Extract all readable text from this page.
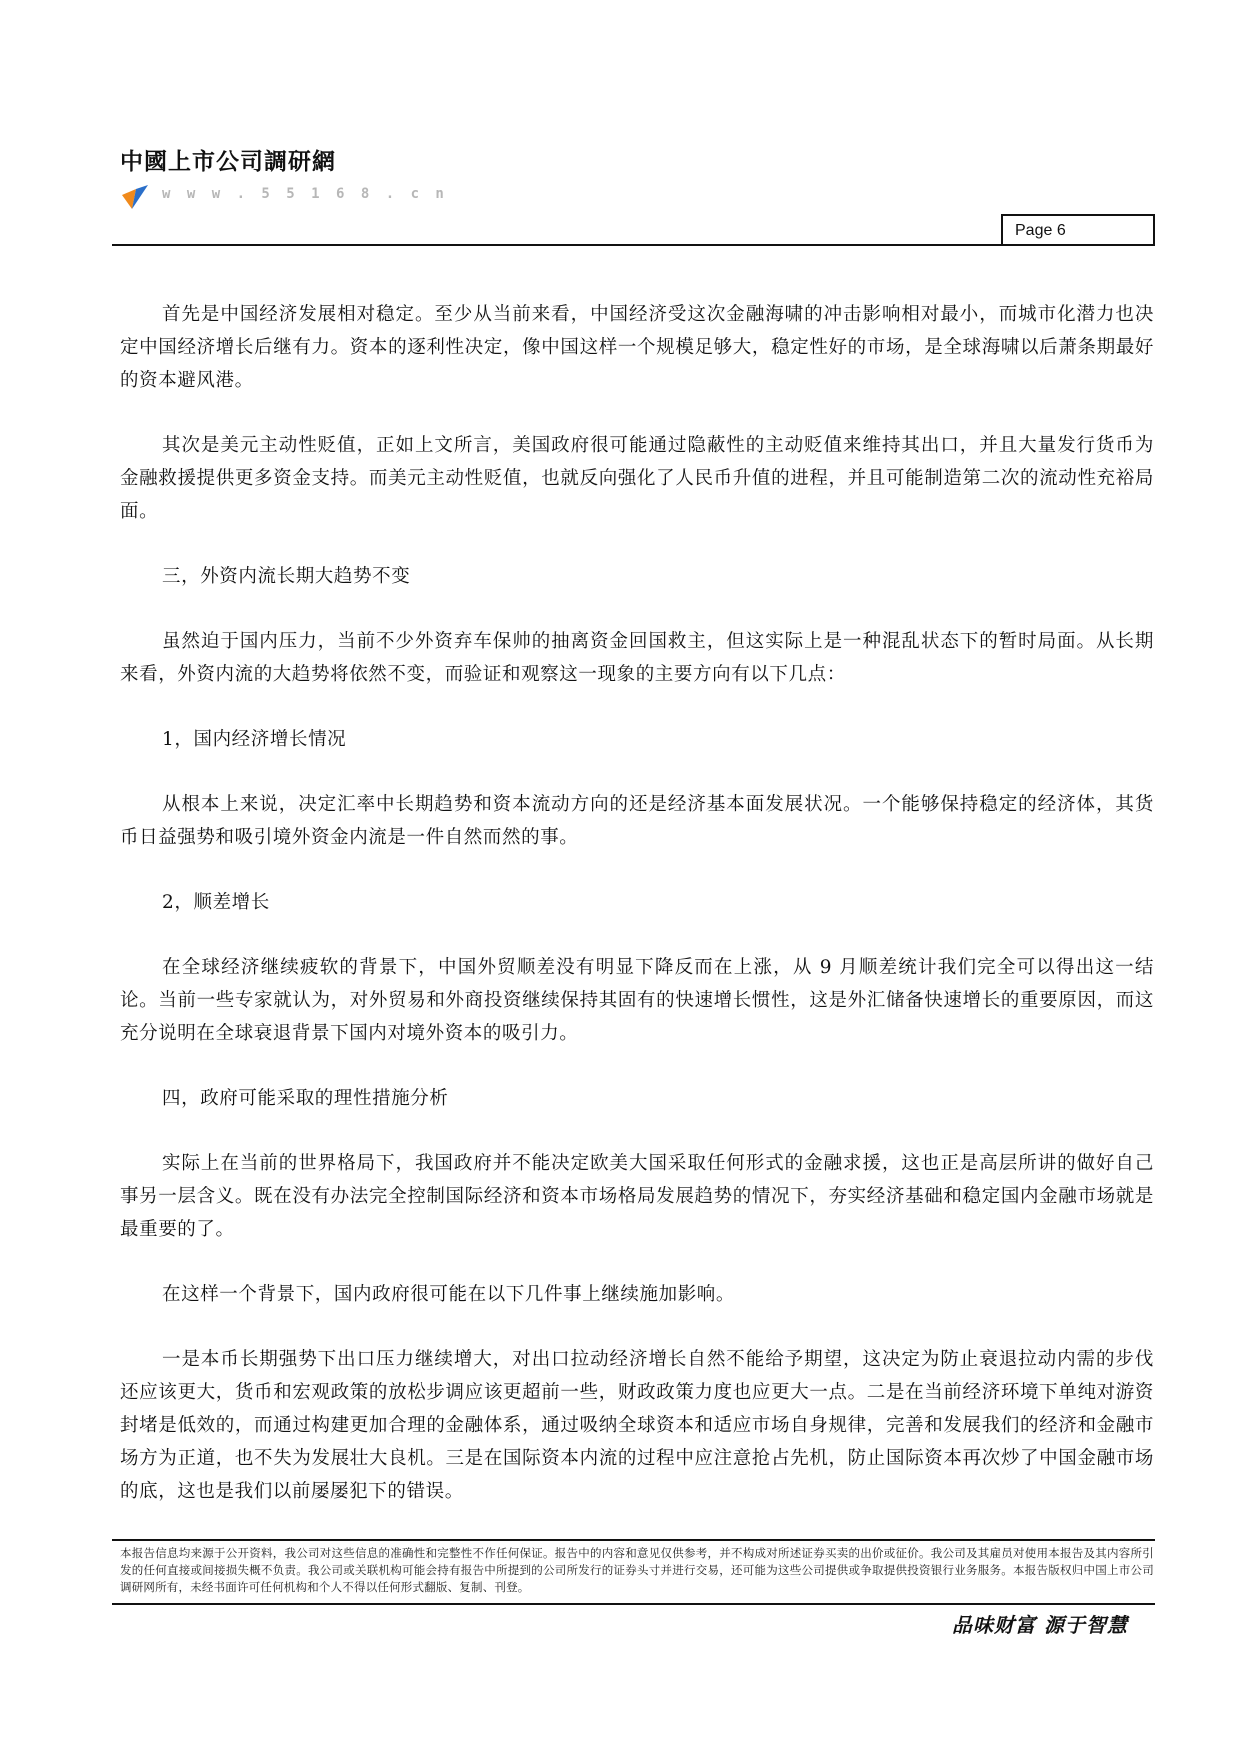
中國上市公司調研網
w w w . 5 5 1 6 8 . c n
Page 6

首先是中国经济发展相对稳定。至少从当前来看，中国经济受这次金融海啸的冲击影响相对最小，而城市化潜力也决定中国经济增长后继有力。资本的逐利性决定，像中国这样一个规模足够大，稳定性好的市场，是全球海啸以后萧条期最好的资本避风港。

其次是美元主动性贬值，正如上文所言，美国政府很可能通过隐蔽性的主动贬值来维持其出口，并且大量发行货币为金融救援提供更多资金支持。而美元主动性贬值，也就反向强化了人民币升值的进程，并且可能制造第二次的流动性充裕局面。

三，外资内流长期大趋势不变

虽然迫于国内压力，当前不少外资弃车保帅的抽离资金回国救主，但这实际上是一种混乱状态下的暂时局面。从长期来看，外资内流的大趋势将依然不变，而验证和观察这一现象的主要方向有以下几点：

1，国内经济增长情况

从根本上来说，决定汇率中长期趋势和资本流动方向的还是经济基本面发展状况。一个能够保持稳定的经济体，其货币日益强势和吸引境外资金内流是一件自然而然的事。

2，顺差增长

在全球经济继续疲软的背景下，中国外贸顺差没有明显下降反而在上涨，从 9 月顺差统计我们完全可以得出这一结论。当前一些专家就认为，对外贸易和外商投资继续保持其固有的快速增长惯性，这是外汇储备快速增长的重要原因，而这充分说明在全球衰退背景下国内对境外资本的吸引力。

四，政府可能采取的理性措施分析

实际上在当前的世界格局下，我国政府并不能决定欧美大国采取任何形式的金融求援，这也正是高层所讲的做好自己事另一层含义。既在没有办法完全控制国际经济和资本市场格局发展趋势的情况下，夯实经济基础和稳定国内金融市场就是最重要的了。

在这样一个背景下，国内政府很可能在以下几件事上继续施加影响。

一是本币长期强势下出口压力继续增大，对出口拉动经济增长自然不能给予期望，这决定为防止衰退拉动内需的步伐还应该更大，货币和宏观政策的放松步调应该更超前一些，财政政策力度也应更大一点。二是在当前经济环境下单纯对游资封堵是低效的，而通过构建更加合理的金融体系，通过吸纳全球资本和适应市场自身规律，完善和发展我们的经济和金融市场方为正道，也不失为发展壮大良机。三是在国际资本内流的过程中应注意抢占先机，防止国际资本再次炒了中国金融市场的底，这也是我们以前屡屡犯下的错误。

本报告信息均来源于公开资料，我公司对这些信息的准确性和完整性不作任何保证。报告中的内容和意见仅供参考，并不构成对所述证券买卖的出价或征价。我公司及其雇员对使用本报告及其内容所引发的任何直接或间接损失概不负责。我公司或关联机构可能会持有报告中所提到的公司所发行的证券头寸并进行交易，还可能为这些公司提供或争取提供投资银行业务服务。本报告版权归中国上市公司调研网所有，未经书面许可任何机构和个人不得以任何形式翻版、复制、刊登。
品味财富 源于智慧
